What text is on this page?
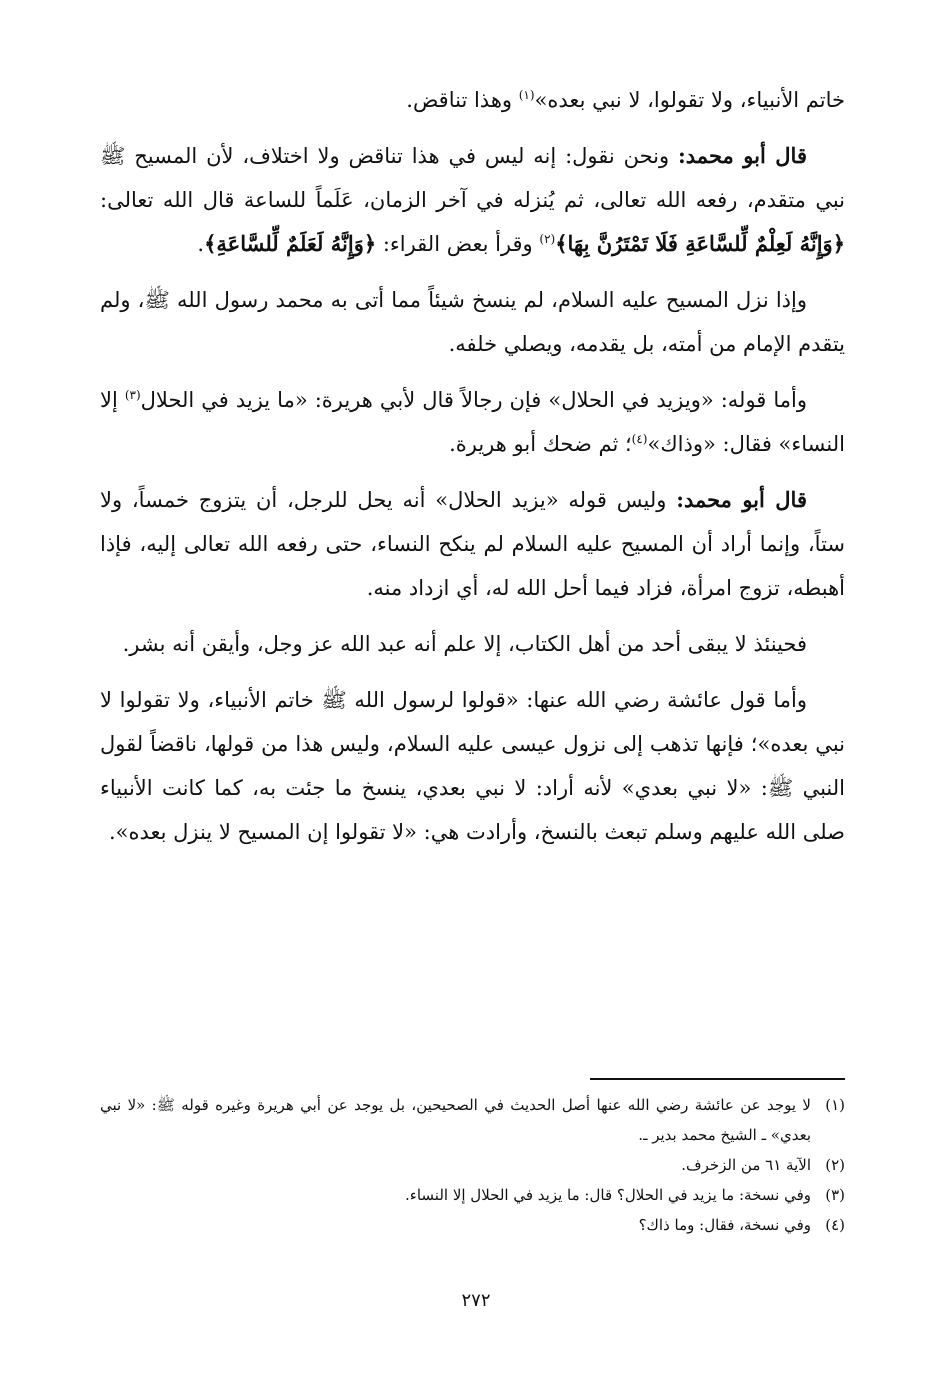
خاتم الأنبياء، ولا تقولوا، لا نبي بعده»$^{(١)}$ وهذا تناقض.

قال أبو محمد: ونحن نقول: إنه ليس في هذا تناقض ولا اختلاف، لأن المسيح ﷺ نبي متقدم، رفعه الله تعالى، ثم يُنزله في آخر الزمان، عَلَماً للساعة قال الله تعالى: ﴿وَإِنَّهُ لَعِلْمٌ لِّلسَّاعَةِ فَلَا تَمْتَرُنَّ بِهَا﴾$^{(٢)}$ وقرأ بعض القراء: ﴿وَإِنَّهُ لَعَلَمٌ لِّلسَّاعَةِ﴾.

وإذا نزل المسيح عليه السلام، لم ينسخ شيئاً مما أتى به محمد رسول الله ﷺ، ولم يتقدم الإمام من أمته، بل يقدمه، ويصلي خلفه.

وأما قوله: «ويزيد في الحلال» فإن رجالاً قال لأبي هريرة: «ما يزيد في الحلال$^{(٣)}$ إلا النساء» فقال: «وذاك»$^{(٤)}$؛ ثم ضحك أبو هريرة.

قال أبو محمد: وليس قوله «يزيد الحلال» أنه يحل للرجل، أن يتزوج خمساً، ولا ستاً، وإنما أراد أن المسيح عليه السلام لم ينكح النساء، حتى رفعه الله تعالى إليه، فإذا أهبطه، تزوج امرأة، فزاد فيما أحل الله له، أي ازداد منه.

فحينئذ لا يبقى أحد من أهل الكتاب، إلا علم أنه عبد الله عز وجل، وأيقن أنه بشر.

وأما قول عائشة رضي الله عنها: «قولوا لرسول الله ﷺ خاتم الأنبياء، ولا تقولوا لا نبي بعده»؛ فإنها تذهب إلى نزول عيسى عليه السلام، وليس هذا من قولها، ناقضاً لقول النبي ﷺ: «لا نبي بعدي» لأنه أراد: لا نبي بعدي، ينسخ ما جئت به، كما كانت الأنبياء صلى الله عليهم وسلم تبعث بالنسخ، وأرادت هي: «لا تقولوا إن المسيح لا ينزل بعده».

(١)
لا يوجد عن عائشة رضي الله عنها أصل الحديث في الصحيحين، بل يوجد عن أبي هريرة وغيره قوله ﷺ: «لا نبي بعدي» ـ الشيخ محمد بدير ـ.
(٢)
الآية ٦١ من الزخرف.
(٣)
وفي نسخة: ما يزيد في الحلال؟ قال: ما يزيد في الحلال إلا النساء.
(٤)
وفي نسخة، فقال: وما ذاك؟
٢٧٢
